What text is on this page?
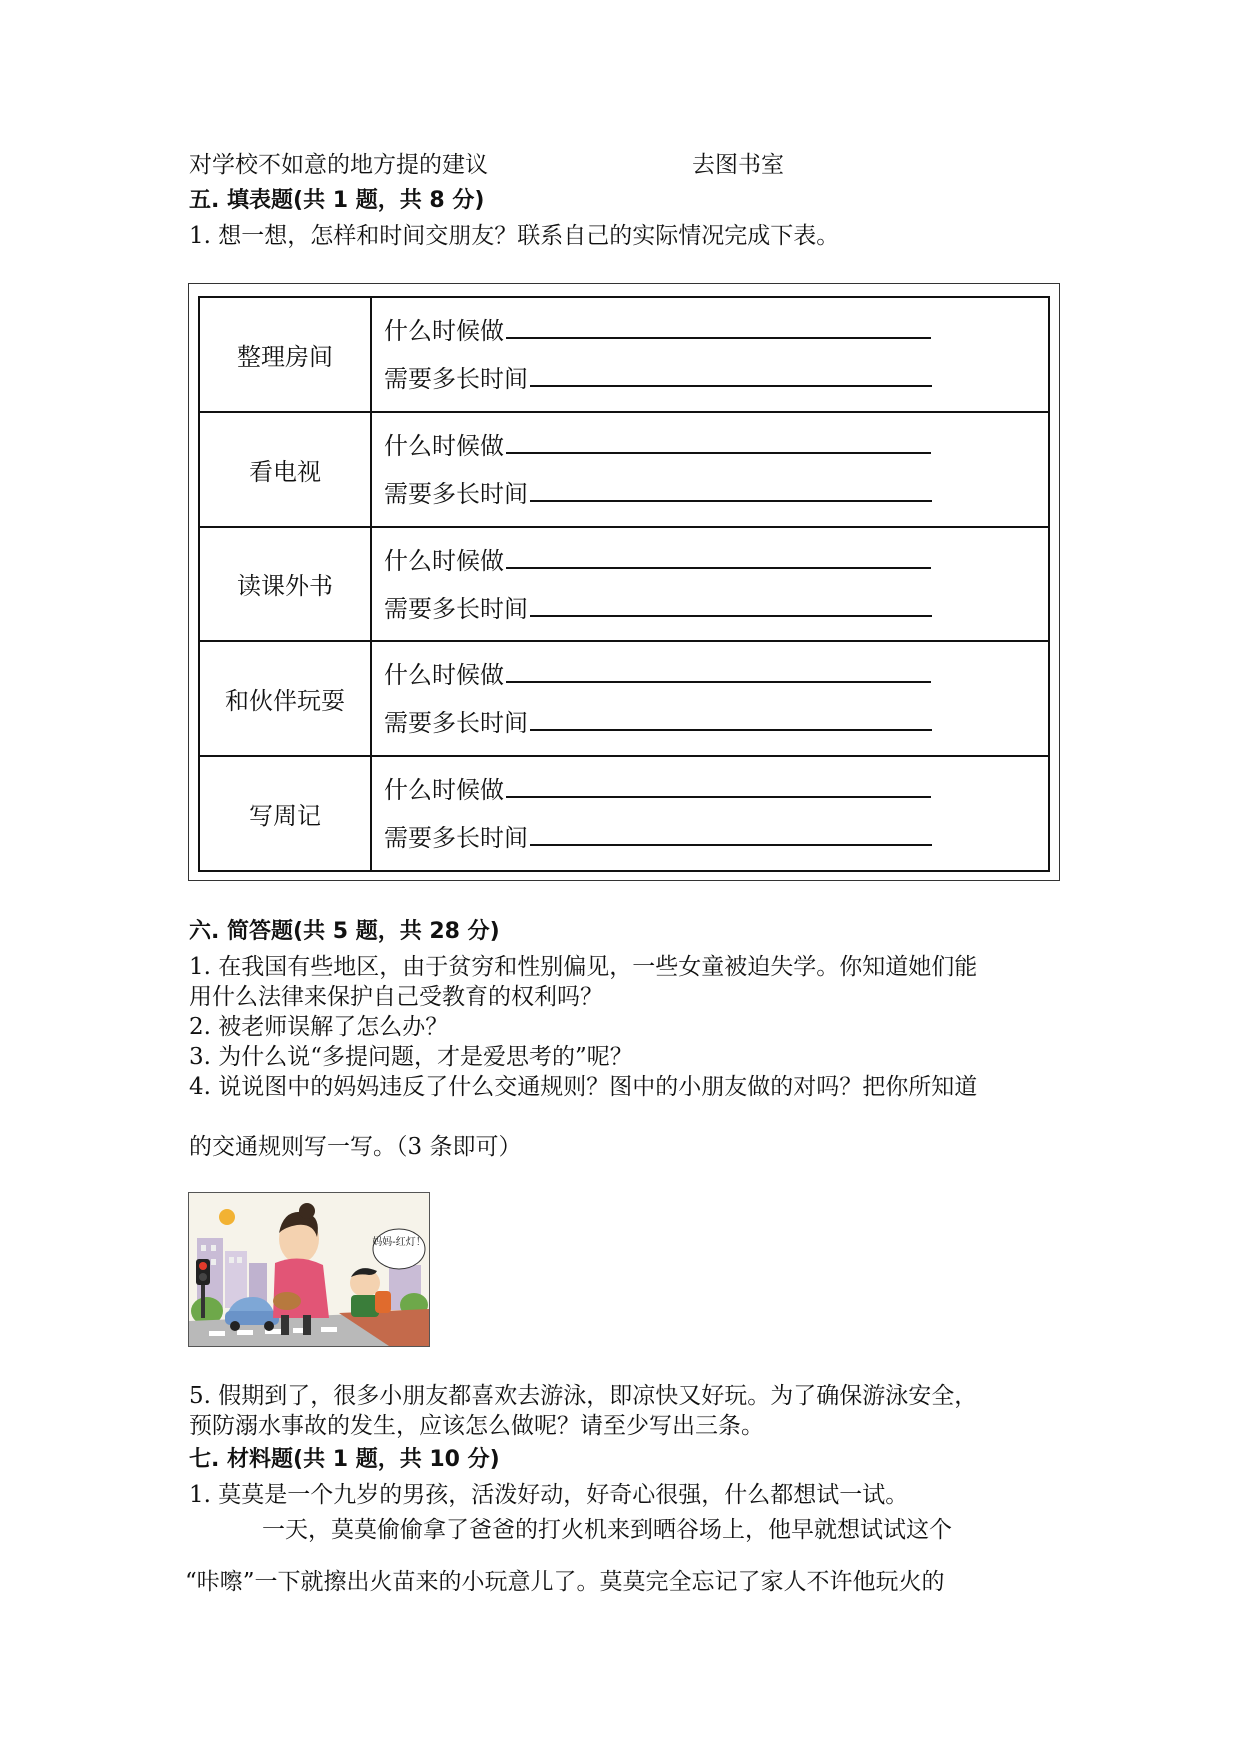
对学校不如意的地方提的建议	去图书室
五. 填表题(共 1 题，共 8 分)
1. 想一想，怎样和时间交朋友？联系自己的实际情况完成下表。
整理房间	什么时候做
需要多长时间

看电视	什么时候做
需要多长时间

读课外书	什么时候做
需要多长时间

和伙伴玩耍	什么时候做
需要多长时间

写周记	什么时候做
需要多长时间
六. 简答题(共 5 题，共 28 分)
1. 在我国有些地区，由于贫穷和性别偏见，一些女童被迫失学。你知道她们能
用什么法律来保护自己受教育的权利吗？
2. 被老师误解了怎么办？
3. 为什么说“多提问题，才是爱思考的”呢？
4. 说说图中的妈妈违反了什么交通规则？图中的小朋友做的对吗？把你所知道
的交通规则写一写。（3 条即可）
妈妈-红灯！
5. 假期到了，很多小朋友都喜欢去游泳，即凉快又好玩。为了确保游泳安全，
预防溺水事故的发生，应该怎么做呢？请至少写出三条。
七. 材料题(共 1 题，共 10 分)
1. 莫莫是一个九岁的男孩，活泼好动，好奇心很强，什么都想试一试。
一天，莫莫偷偷拿了爸爸的打火机来到晒谷场上，他早就想试试这个
“咔嚓”一下就擦出火苗来的小玩意儿了。莫莫完全忘记了家人不许他玩火的
